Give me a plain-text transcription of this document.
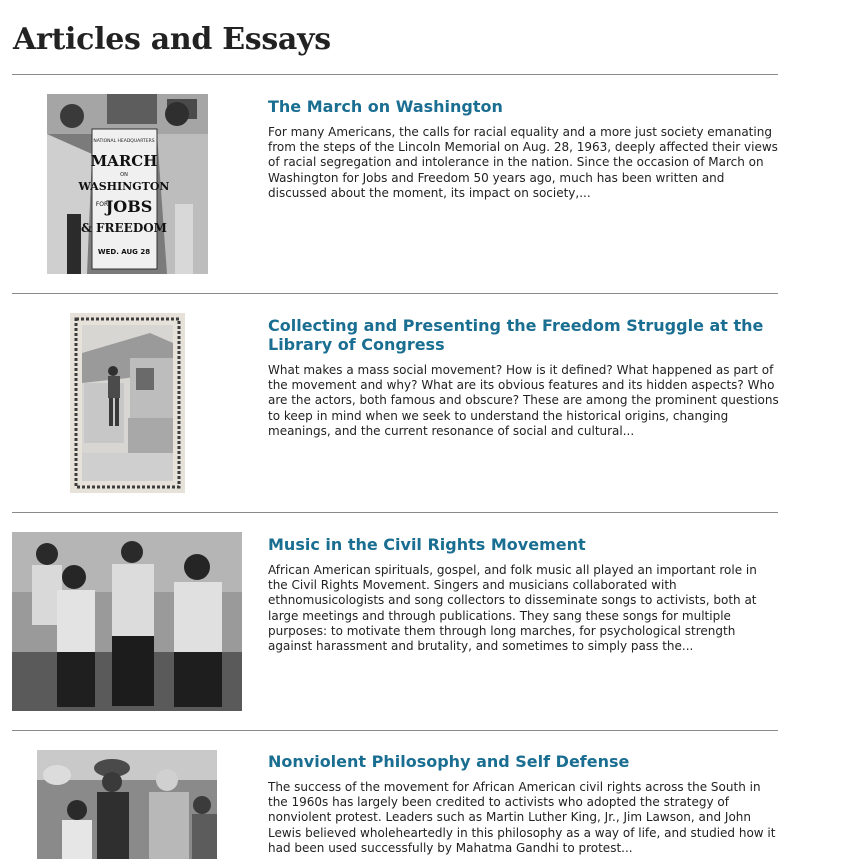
Articles and Essays
NATIONAL HEADQUARTERS
MARCH
ON
WASHINGTON
FOR
JOBS
& FREEDOM
WED. AUG 28
The March on Washington

For many Americans, the calls for racial equality and a more just society emanating from the steps of the Lincoln Memorial on Aug. 28, 1963, deeply affected their views of racial segregation and intolerance in the nation. Since the occasion of March on Washington for Jobs and Freedom 50 years ago, much has been written and discussed about the moment, its impact on society,...

Collecting and Presenting the Freedom Struggle at the Library of Congress

What makes a mass social movement? How is it defined? What happened as part of the movement and why? What are its obvious features and its hidden aspects? Who are the actors, both famous and obscure? These are among the prominent questions to keep in mind when we seek to understand the historical origins, changing meanings, and the current resonance of social and cultural...

Music in the Civil Rights Movement

African American spirituals, gospel, and folk music all played an important role in the Civil Rights Movement. Singers and musicians collaborated with ethnomusicologists and song collectors to disseminate songs to activists, both at large meetings and through publications. They sang these songs for multiple purposes: to motivate them through long marches, for psychological strength against harassment and brutality, and sometimes to simply pass the...

Nonviolent Philosophy and Self Defense

The success of the movement for African American civil rights across the South in the 1960s has largely been credited to activists who adopted the strategy of nonviolent protest. Leaders such as Martin Luther King, Jr., Jim Lawson, and John Lewis believed wholeheartedly in this philosophy as a way of life, and studied how it had been used successfully by Mahatma Gandhi to protest...
